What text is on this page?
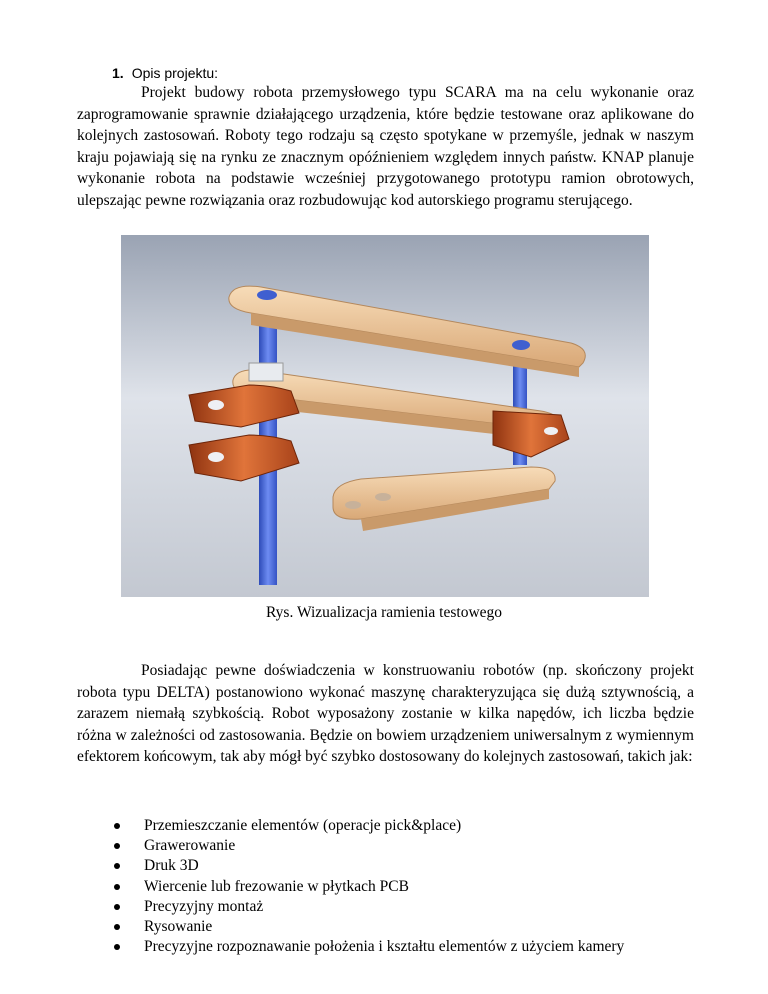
1. Opis projektu:
Projekt budowy robota przemysłowego typu SCARA ma na celu wykonanie oraz zaprogramowanie sprawnie działającego urządzenia, które będzie testowane oraz aplikowane do kolejnych zastosowań. Roboty tego rodzaju są często spotykane w przemyśle, jednak w naszym kraju pojawiają się na rynku ze znacznym opóźnieniem względem innych państw. KNAP planuje wykonanie robota na podstawie wcześniej przygotowanego prototypu ramion obrotowych, ulepszając pewne rozwiązania oraz rozbudowując kod autorskiego programu sterującego.
Rys. Wizualizacja ramienia testowego
Posiadając pewne doświadczenia w konstruowaniu robotów (np. skończony projekt robota typu DELTA) postanowiono wykonać maszynę charakteryzująca się dużą sztywnością, a zarazem niemałą szybkością. Robot wyposażony zostanie w kilka napędów, ich liczba będzie różna w zależności od zastosowania. Będzie on bowiem urządzeniem uniwersalnym z wymiennym efektorem końcowym, tak aby mógł być szybko dostosowany do kolejnych zastosowań, takich jak:
Przemieszczanie elementów (operacje pick&place)
Grawerowanie
Druk 3D
Wiercenie lub frezowanie w płytkach PCB
Precyzyjny montaż
Rysowanie
Precyzyjne rozpoznawanie położenia i kształtu elementów z użyciem kamery
